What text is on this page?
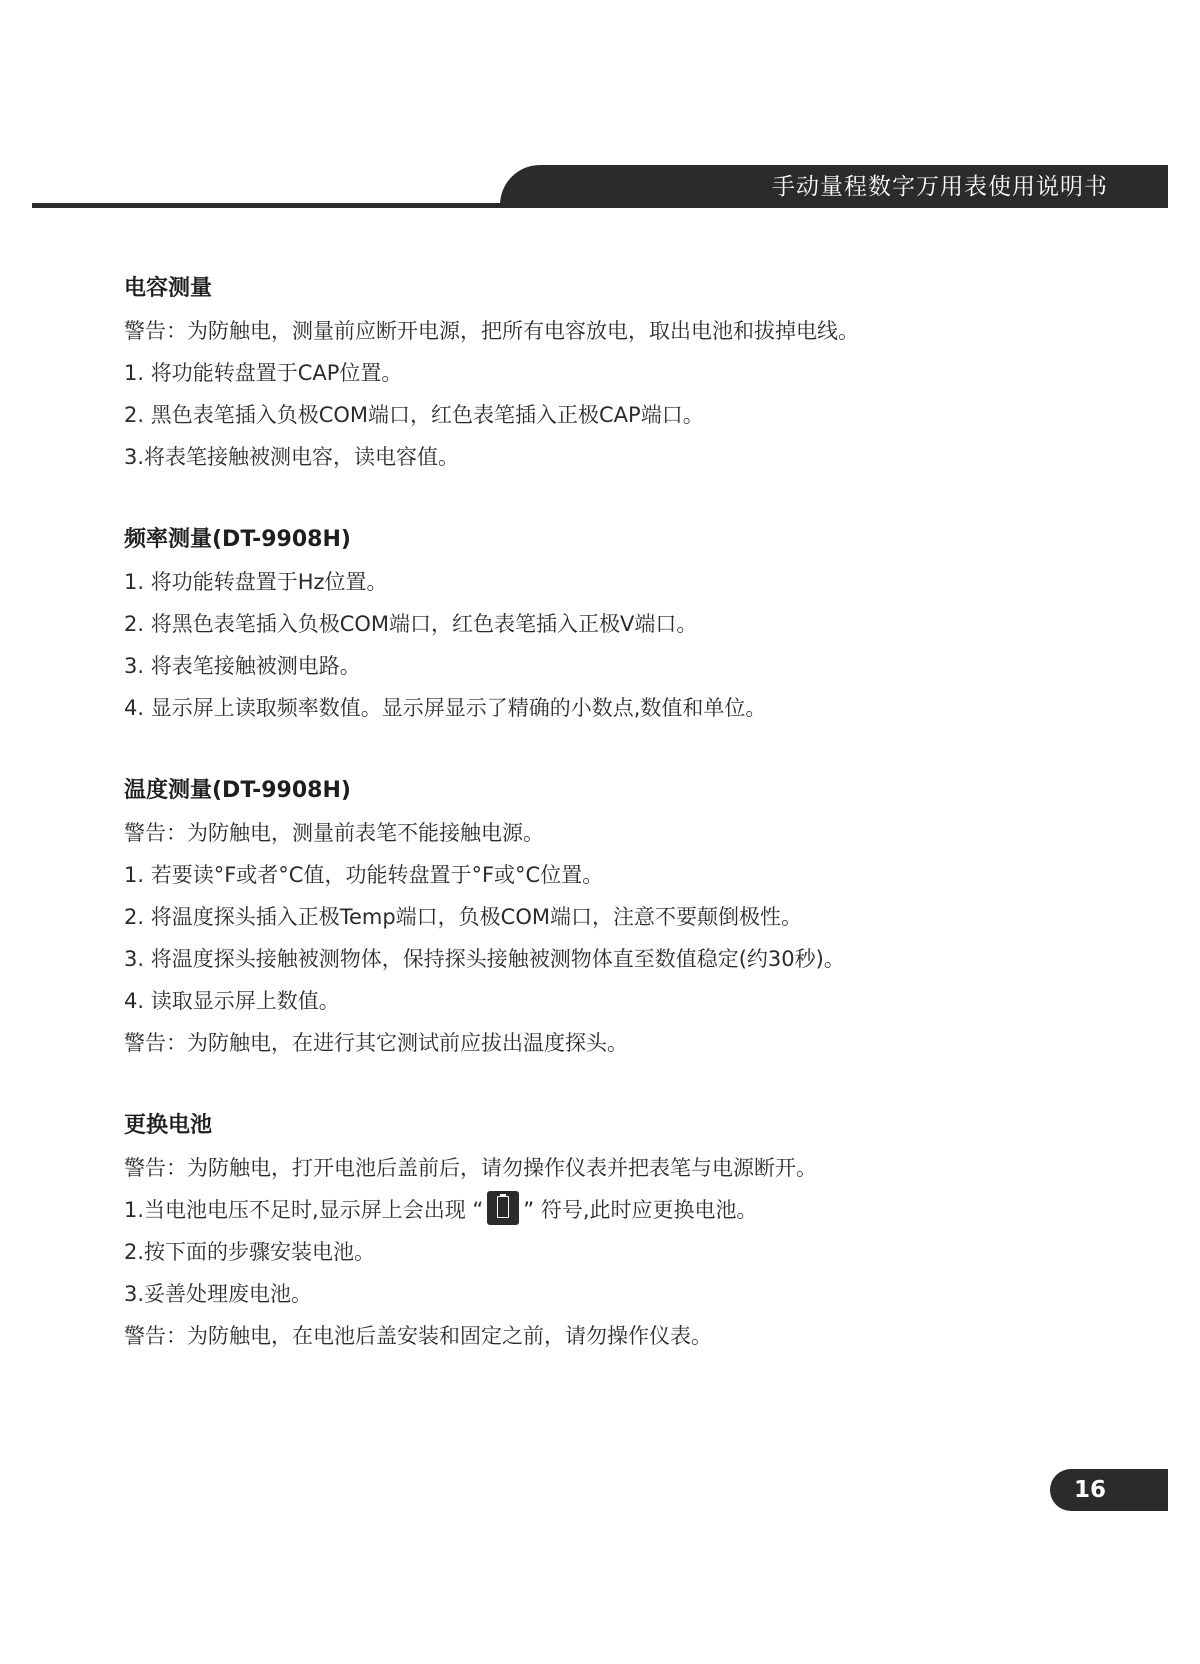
手动量程数字万用表使用说明书
电容测量
警告：为防触电，测量前应断开电源，把所有电容放电，取出电池和拔掉电线。
1. 将功能转盘置于CAP位置。
2. 黑色表笔插入负极COM端口，红色表笔插入正极CAP端口。
3.将表笔接触被测电容，读电容值。
频率测量(DT-9908H)
1. 将功能转盘置于Hz位置。
2. 将黑色表笔插入负极COM端口，红色表笔插入正极V端口。
3. 将表笔接触被测电路。
4. 显示屏上读取频率数值。显示屏显示了精确的小数点,数值和单位。
温度测量(DT-9908H)
警告：为防触电，测量前表笔不能接触电源。
1. 若要读°F或者°C值，功能转盘置于°F或°C位置。
2. 将温度探头插入正极Temp端口，负极COM端口，注意不要颠倒极性。
3. 将温度探头接触被测物体，保持探头接触被测物体直至数值稳定(约30秒)。
4. 读取显示屏上数值。
警告：为防触电，在进行其它测试前应拔出温度探头。
更换电池
警告：为防触电，打开电池后盖前后，请勿操作仪表并把表笔与电源断开。
1.当电池电压不足时,显示屏上会出现 “ ” 符号,此时应更换电池。
2.按下面的步骤安装电池。
3.妥善处理废电池。
警告：为防触电，在电池后盖安装和固定之前，请勿操作仪表。
16
